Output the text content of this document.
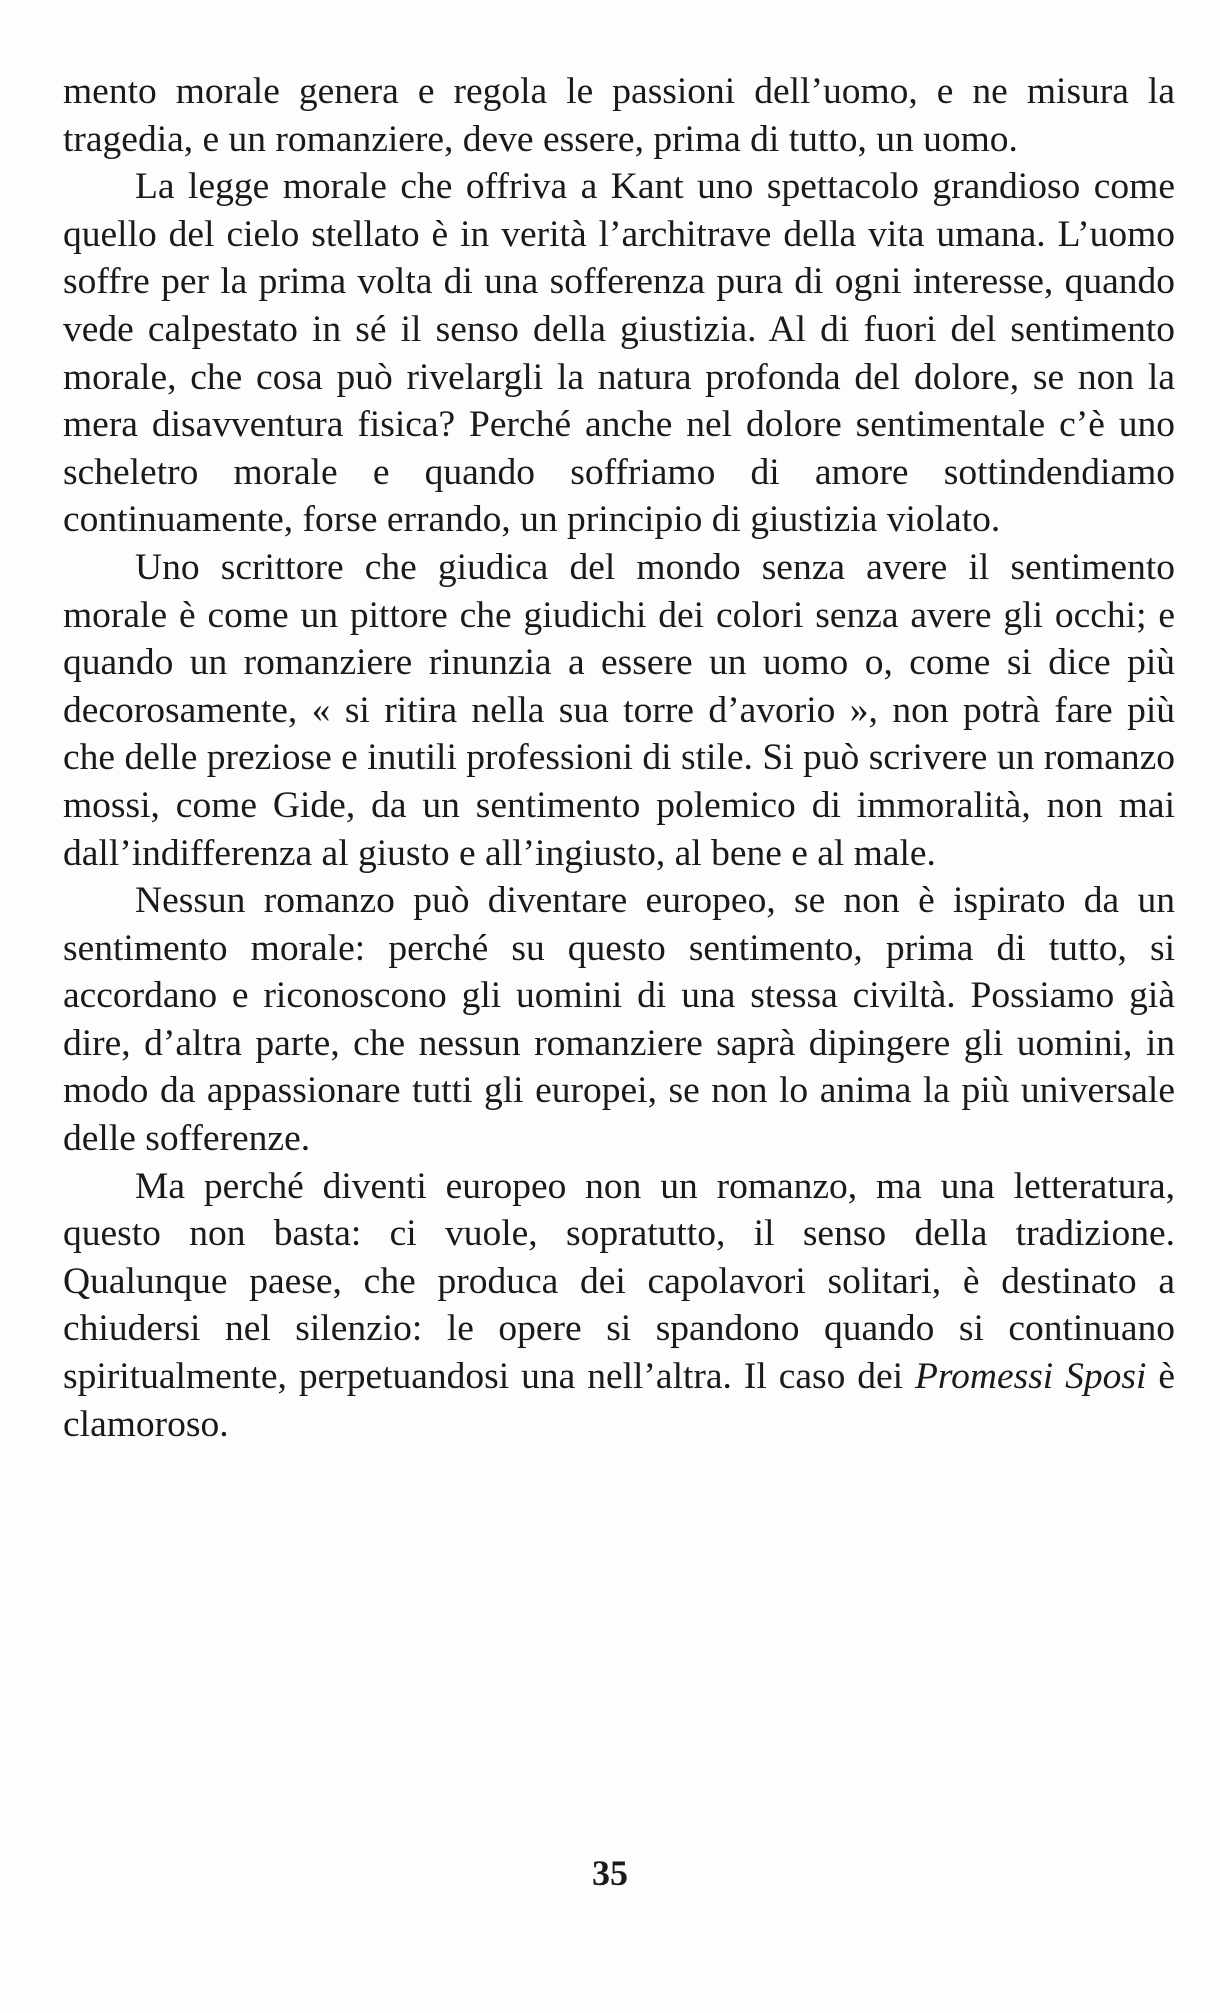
mento morale genera e regola le passioni dell’uomo, e ne misura la tragedia, e un romanziere, deve essere, prima di tutto, un uomo.

La legge morale che offriva a Kant uno spettacolo grandioso come quello del cielo stellato è in verità l’architrave della vita umana. L’uomo soffre per la prima volta di una sofferenza pura di ogni interesse, quando vede calpestato in sé il senso della giustizia. Al di fuori del sentimento morale, che cosa può rivelargli la natura profonda del dolore, se non la mera disavventura fisica? Perché anche nel dolore sentimentale c’è uno scheletro morale e quando soffriamo di amore sottindendiamo continuamente, forse errando, un principio di giustizia violato.

Uno scrittore che giudica del mondo senza avere il sentimento morale è come un pittore che giudichi dei colori senza avere gli occhi; e quando un romanziere rinunzia a essere un uomo o, come si dice più decorosamente, « si ritira nella sua torre d’avorio », non potrà fare più che delle preziose e inutili professioni di stile. Si può scrivere un romanzo mossi, come Gide, da un sentimento polemico di immoralità, non mai dall’indifferenza al giusto e all’ingiusto, al bene e al male.

Nessun romanzo può diventare europeo, se non è ispirato da un sentimento morale: perché su questo sentimento, prima di tutto, si accordano e riconoscono gli uomini di una stessa civiltà. Possiamo già dire, d’altra parte, che nessun romanziere saprà dipingere gli uomini, in modo da appassionare tutti gli europei, se non lo anima la più universale delle sofferenze.

Ma perché diventi europeo non un romanzo, ma una letteratura, questo non basta: ci vuole, sopratutto, il senso della tradizione. Qualunque paese, che produca dei capolavori solitari, è destinato a chiudersi nel silenzio: le opere si spandono quando si continuano spiritualmente, perpetuandosi una nell’altra. Il caso dei Promessi Sposi è clamoroso.

35
